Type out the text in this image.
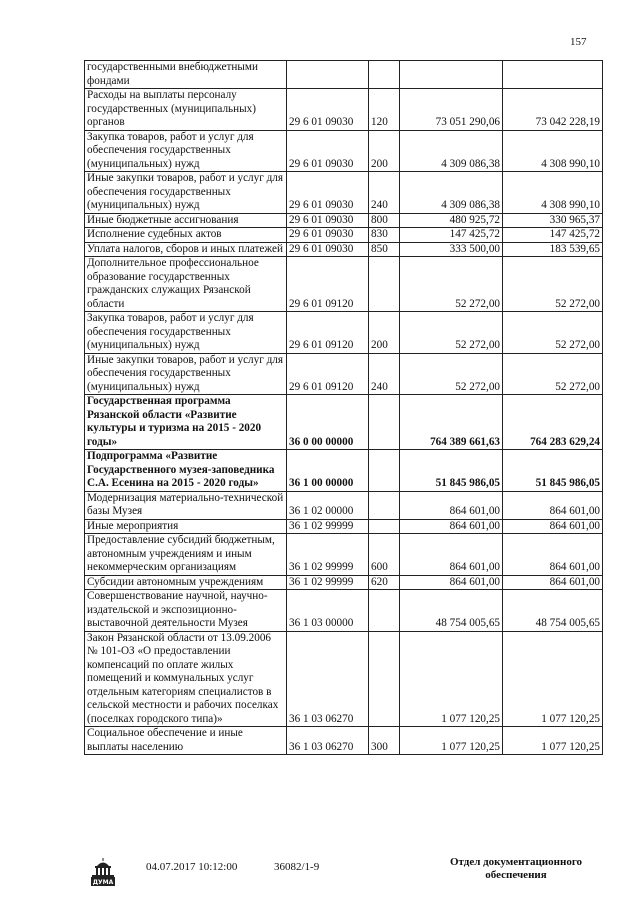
157
государственными внебюджетными фондами				
Расходы на выплаты персоналу государственных (муниципальных) органов	29 6 01 09030	120	73 051 290,06	73 042 228,19
Закупка товаров, работ и услуг для обеспечения государственных (муниципальных) нужд	29 6 01 09030	200	4 309 086,38	4 308 990,10
Иные закупки товаров, работ и услуг для обеспечения государственных (муниципальных) нужд	29 6 01 09030	240	4 309 086,38	4 308 990,10
Иные бюджетные ассигнования	29 6 01 09030	800	480 925,72	330 965,37
Исполнение судебных актов	29 6 01 09030	830	147 425,72	147 425,72
Уплата налогов, сборов и иных платежей	29 6 01 09030	850	333 500,00	183 539,65
Дополнительное профессиональное образование государственных гражданских служащих Рязанской области	29 6 01 09120		52 272,00	52 272,00
Закупка товаров, работ и услуг для обеспечения государственных (муниципальных) нужд	29 6 01 09120	200	52 272,00	52 272,00
Иные закупки товаров, работ и услуг для обеспечения государственных (муниципальных) нужд	29 6 01 09120	240	52 272,00	52 272,00
Государственная программа Рязанской области «Развитие культуры и туризма на 2015 - 2020 годы»	36 0 00 00000		764 389 661,63	764 283 629,24
Подпрограмма «Развитие Государственного музея-заповедника С.А. Есенина на 2015 - 2020 годы»	36 1 00 00000		51 845 986,05	51 845 986,05
Модернизация материально-технической базы Музея	36 1 02 00000		864 601,00	864 601,00
Иные мероприятия	36 1 02 99999		864 601,00	864 601,00
Предоставление субсидий бюджетным, автономным учреждениям и иным некоммерческим организациям	36 1 02 99999	600	864 601,00	864 601,00
Субсидии автономным учреждениям	36 1 02 99999	620	864 601,00	864 601,00
Совершенствование научной, научно-издательской и экспозиционно-выставочной деятельности Музея	36 1 03 00000		48 754 005,65	48 754 005,65
Закон Рязанской области от 13.09.2006 № 101-ОЗ «О предоставлении компенсаций по оплате жилых помещений и коммунальных услуг отдельным категориям специалистов в сельской местности и рабочих поселках (поселках городского типа)»	36 1 03 06270		1 077 120,25	1 077 120,25
Социальное обеспечение и иные выплаты населению	36 1 03 06270	300	1 077 120,25	1 077 120,25
ДУМА
04.07.2017 10:12:00	36082/1-9	Отдел документационного обеспечения
